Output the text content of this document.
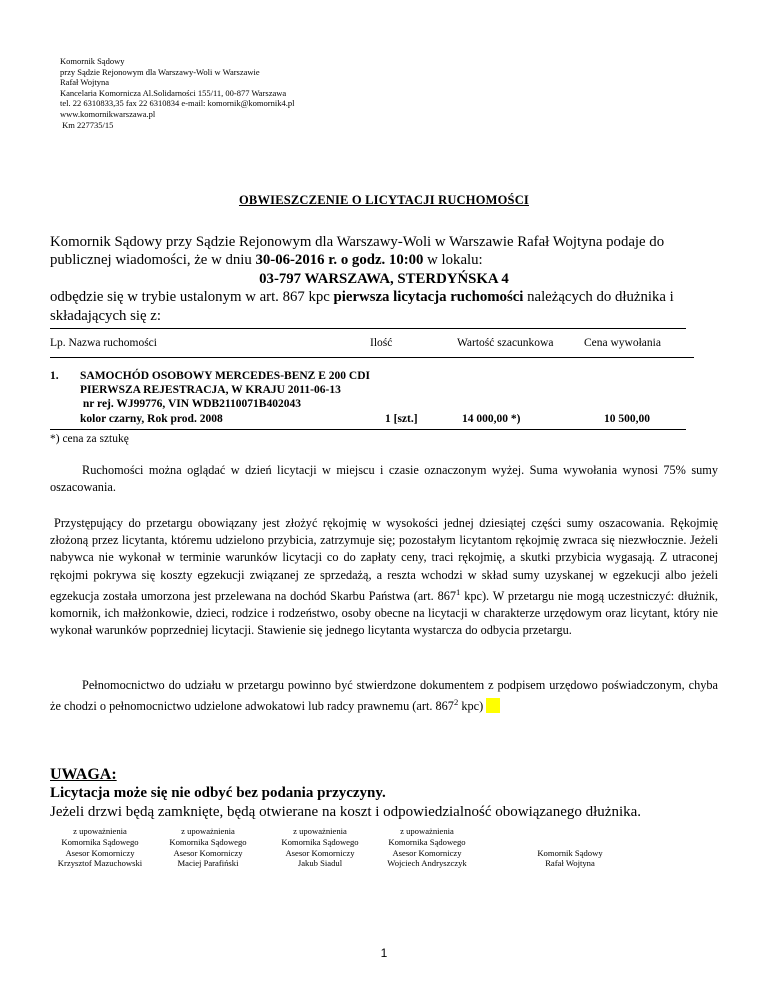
Komornik Sądowy
przy Sądzie Rejonowym dla Warszawy-Woli w Warszawie
Rafał Wojtyna
Kancelaria Komornicza Al.Solidarności 155/11, 00-877 Warszawa
tel. 22 6310833,35 fax 22 6310834 e-mail: komornik@komornik4.pl
www.komornikwarszawa.pl
Km 227735/15
OBWIESZCZENIE O LICYTACJI RUCHOMOŚCI
Komornik Sądowy przy Sądzie Rejonowym dla Warszawy-Woli w Warszawie Rafał Wojtyna podaje do publicznej wiadomości, że w dniu 30-06-2016 r. o godz. 10:00 w lokalu:
03-797 WARSZAWA, STERDYŃSKA 4
odbędzie się w trybie ustalonym w art. 867 kpc pierwsza licytacja ruchomości należących do dłużnika i składających się z:
Lp. Nazwa ruchomości	Ilość	Wartość szacunkowa	Cena wywołania
1. SAMOCHÓD OSOBOWY MERCEDES-BENZ E 200 CDI
PIERWSZA REJESTRACJA, W KRAJU 2011-06-13
nr rej. WJ99776, VIN WDB2110071B402043
kolor czarny, Rok prod. 2008	1 [szt.]	14 000,00 *)	10 500,00
*) cena za sztukę
Ruchomości można oglądać w dzień licytacji w miejscu i czasie oznaczonym wyżej. Suma wywołania wynosi 75% sumy oszacowania.
Przystępujący do przetargu obowiązany jest złożyć rękojmię w wysokości jednej dziesiątej części sumy oszacowania. Rękojmię złożoną przez licytanta, któremu udzielono przybicia, zatrzymuje się; pozostałym licytantom rękojmię zwraca się niezwłocznie. Jeżeli nabywca nie wykonał w terminie warunków licytacji co do zapłaty ceny, traci rękojmię, a skutki przybicia wygasają. Z utraconej rękojmi pokrywa się koszty egzekucji związanej ze sprzedażą, a reszta wchodzi w skład sumy uzyskanej w egzekucji albo jeżeli egzekucja została umorzona jest przelewana na dochód Skarbu Państwa (art. $867^1$ kpc). W przetargu nie mogą uczestniczyć: dłużnik, komornik, ich małżonkowie, dzieci, rodzice i rodzeństwo, osoby obecne na licytacji w charakterze urzędowym oraz licytant, który nie wykonał warunków poprzedniej licytacji. Stawienie się jednego licytanta wystarcza do odbycia przetargu.
Pełnomocnictwo do udziału w przetargu powinno być stwierdzone dokumentem z podpisem urzędowo poświadczonym, chyba że chodzi o pełnomocnictwo udzielone adwokatowi lub radcy prawnemu (art. $867^2$ kpc)
UWAGA:
Licytacja może się nie odbyć bez podania przyczyny.
Jeżeli drzwi będą zamknięte, będą otwierane na koszt i odpowiedzialność obowiązanego dłużnika.
z upoważnienia
Komornika Sądowego
Asesor Komorniczy
Krzysztof Mazuchowski
z upoważnienia
Komornika Sądowego
Asesor Komorniczy
Maciej Parafiński
z upoważnienia
Komornika Sądowego
Asesor Komorniczy
Jakub Siadul
z upoważnienia
Komornika Sądowego
Asesor Komorniczy
Wojciech Andryszczyk

Komornik Sądowy
Rafał Wojtyna
1
